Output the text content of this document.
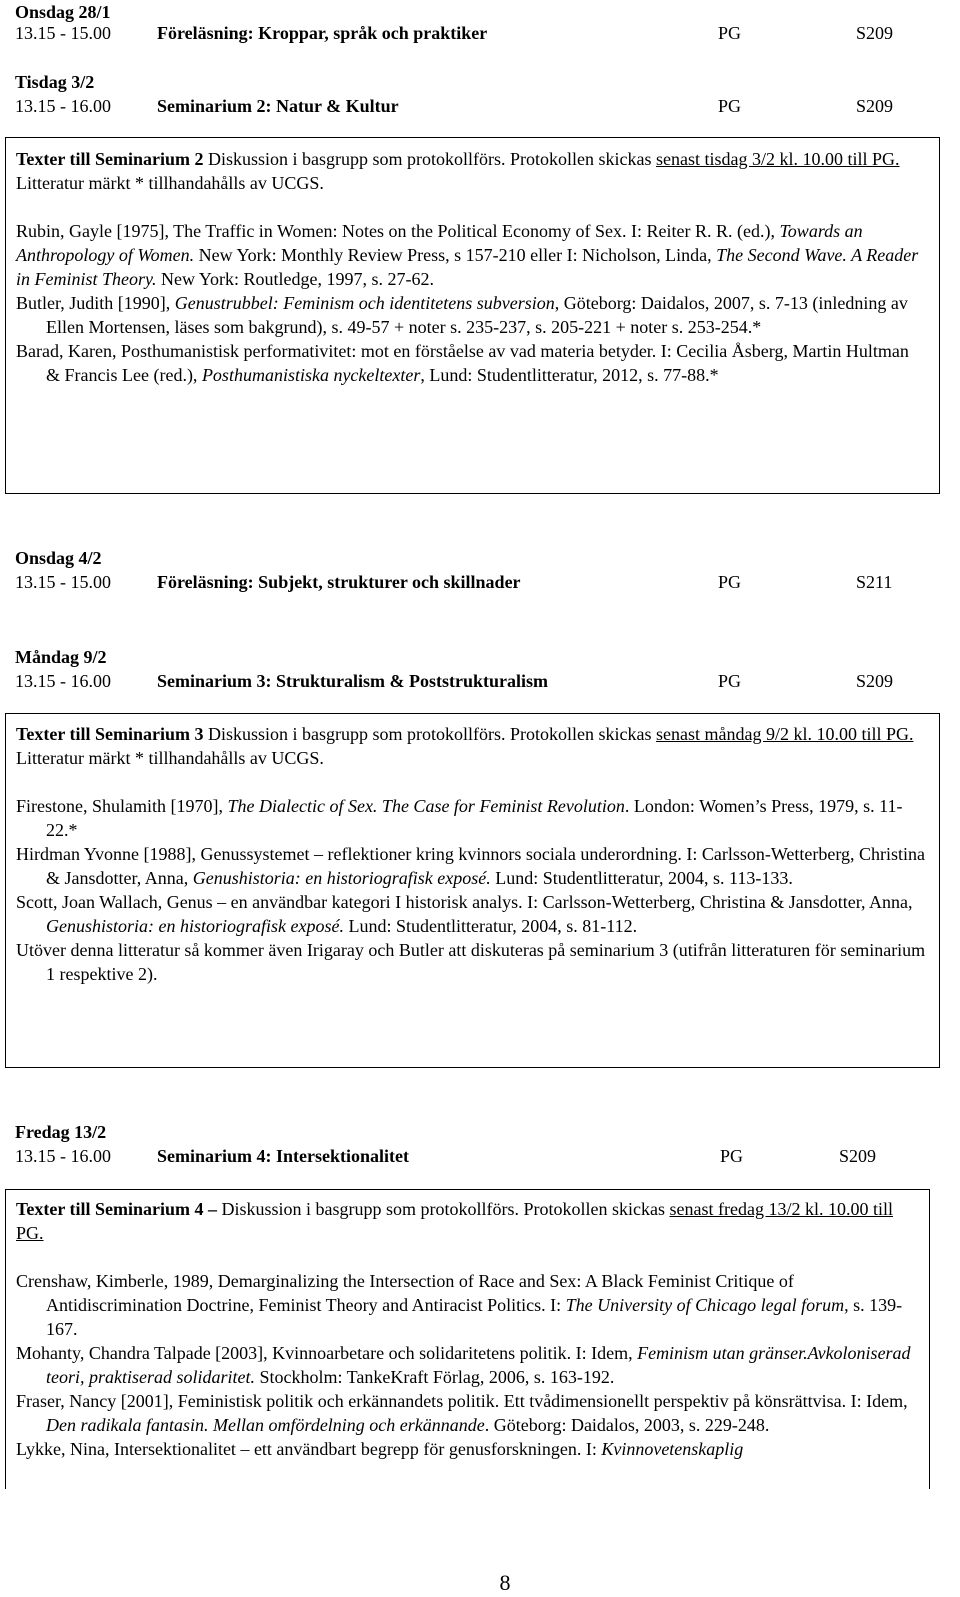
Onsdag 28/1
13.15 - 15.00	Föreläsning: Kroppar, språk och praktiker	PG	S209
Tisdag 3/2
13.15 - 16.00	Seminarium 2: Natur & Kultur	PG	S209

Texter till Seminarium 2 Diskussion i basgrupp som protokollförs. Protokollen skickas senast tisdag 3/2 kl. 10.00 till PG. Litteratur märkt * tillhandahålls av UCGS.

Rubin, Gayle [1975], The Traffic in Women: Notes on the Political Economy of Sex. I: Reiter R. R. (ed.), Towards an Anthropology of Women. New York: Monthly Review Press, s 157-210 eller I: Nicholson, Linda, The Second Wave. A Reader in Feminist Theory. New York: Routledge, 1997, s. 27-62.

Butler, Judith [1990], Genustrubbel: Feminism och identitetens subversion, Göteborg: Daidalos, 2007, s. 7-13 (inledning av Ellen Mortensen, läses som bakgrund), s. 49-57 + noter s. 235-237, s. 205-221 + noter s. 253-254.*

Barad, Karen, Posthumanistisk performativitet: mot en förståelse av vad materia betyder. I: Cecilia Åsberg, Martin Hultman & Francis Lee (red.), Posthumanistiska nyckeltexter, Lund: Studentlitteratur, 2012, s. 77-88.*

Onsdag 4/2
13.15 - 15.00	Föreläsning: Subjekt, strukturer och skillnader	PG	S211
Måndag 9/2
13.15 - 16.00	Seminarium 3: Strukturalism & Poststrukturalism	PG	S209

Texter till Seminarium 3 Diskussion i basgrupp som protokollförs. Protokollen skickas senast måndag 9/2 kl. 10.00 till PG. Litteratur märkt * tillhandahålls av UCGS.

Firestone, Shulamith [1970], The Dialectic of Sex. The Case for Feminist Revolution. London: Women’s Press, 1979, s. 11-22.*

Hirdman Yvonne [1988], Genussystemet – reflektioner kring kvinnors sociala underordning. I: Carlsson-Wetterberg, Christina & Jansdotter, Anna, Genushistoria: en historiografisk exposé. Lund: Studentlitteratur, 2004, s. 113-133.

Scott, Joan Wallach, Genus – en användbar kategori I historisk analys. I: Carlsson-Wetterberg, Christina & Jansdotter, Anna, Genushistoria: en historiografisk exposé. Lund: Studentlitteratur, 2004, s. 81-112.

Utöver denna litteratur så kommer även Irigaray och Butler att diskuteras på seminarium 3 (utifrån litteraturen för seminarium 1 respektive 2).

Fredag 13/2
13.15 - 16.00	Seminarium 4: Intersektionalitet	PG	S209

Texter till Seminarium 4 – Diskussion i basgrupp som protokollförs. Protokollen skickas senast fredag 13/2 kl. 10.00 till PG.

Crenshaw, Kimberle, 1989, Demarginalizing the Intersection of Race and Sex: A Black Feminist Critique of Antidiscrimination Doctrine, Feminist Theory and Antiracist Politics. I: The University of Chicago legal forum, s. 139-167.

Mohanty, Chandra Talpade [2003], Kvinnoarbetare och solidaritetens politik. I: Idem, Feminism utan gränser.Avkoloniserad teori, praktiserad solidaritet. Stockholm: TankeKraft Förlag, 2006, s. 163-192.

Fraser, Nancy [2001], Feministisk politik och erkännandets politik. Ett tvådimensionellt perspektiv på könsrättvisa. I: Idem, Den radikala fantasin. Mellan omfördelning och erkännande. Göteborg: Daidalos, 2003, s. 229-248.

Lykke, Nina, Intersektionalitet – ett användbart begrepp för genusforskningen. I: Kvinnovetenskaplig

8
